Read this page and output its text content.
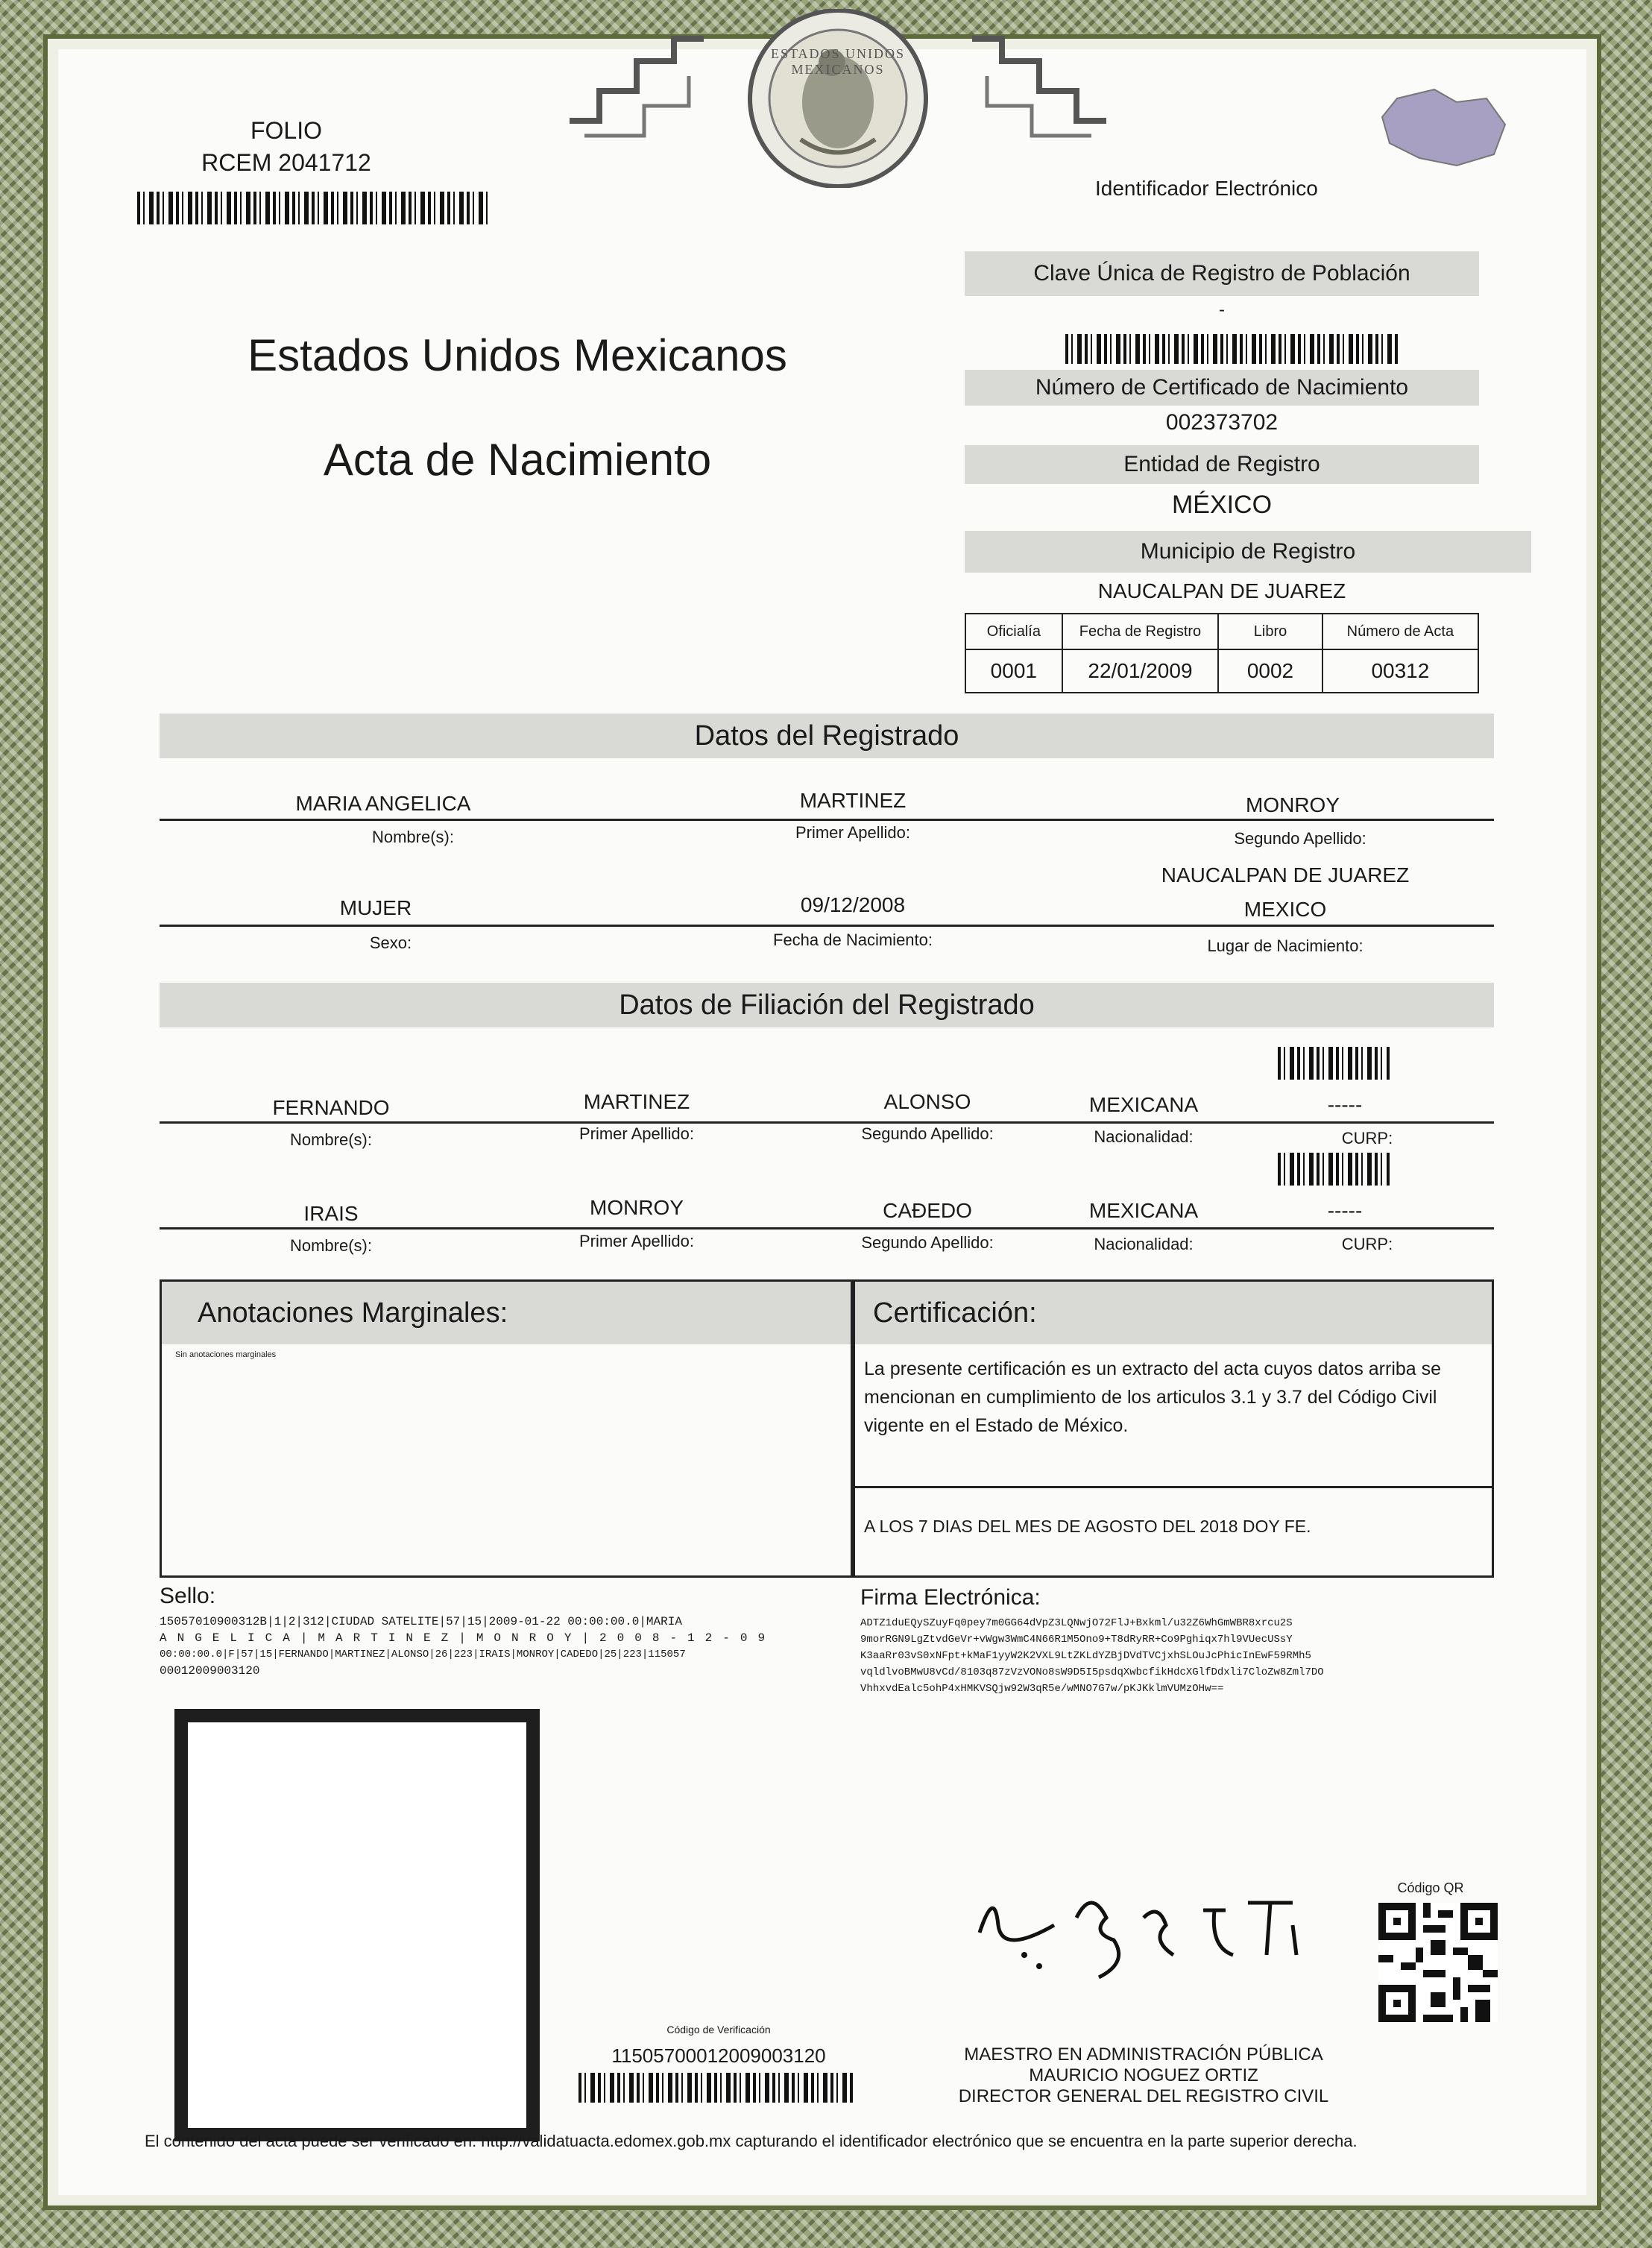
ESTADOS UNIDOS MEXICANOS
FOLIO
RCEM 2041712
Identificador Electrónico
Estados Unidos Mexicanos
Acta de Nacimiento
Clave Única de Registro de Población
-
Número de Certificado de Nacimiento
002373702
Entidad de Registro
MÉXICO
Municipio de Registro
NAUCALPAN DE JUAREZ
Oficialía	Fecha de Registro	Libro	Número de Acta
0001	22/01/2009	0002	00312
Datos del Registrado
MARIA ANGELICA	MARTINEZ	MONROY
Nombre(s):	Primer Apellido:	Segundo Apellido:
NAUCALPAN DE JUAREZ
MUJER	09/12/2008	MEXICO
Sexo:	Fecha de Nacimiento:	Lugar de Nacimiento:
Datos de Filiación del Registrado
FERNANDO	MARTINEZ	ALONSO	MEXICANA	-----
Nombre(s):	Primer Apellido:	Segundo Apellido:	Nacionalidad:	CURP:
IRAIS	MONROY	CAÐEDO	MEXICANA	-----
Nombre(s):	Primer Apellido:	Segundo Apellido:	Nacionalidad:	CURP:
Anotaciones Marginales:
Sin anotaciones marginales
Certificación:
La presente certificación es un extracto del acta cuyos datos arriba se mencionan en cumplimiento de los articulos 3.1 y 3.7 del Código Civil vigente en el Estado de México.
A LOS 7 DIAS DEL MES DE AGOSTO DEL 2018 DOY FE.
Sello:
15057010900312B|1|2|312|CIUDAD SATELITE|57|15|2009-01-22 00:00:00.0|MARIA
ANGELICA|MARTINEZ|MONROY|2008-12-09
00:00:00.0|F|57|15|FERNANDO|MARTINEZ|ALONSO|26|223|IRAIS|MONROY|CADEDO|25|223|115057
00012009003120
Firma Electrónica:
ADTZ1duEQySZuyFq0pey7m0GG64dVpZ3LQNwjO72FlJ+Bxkml/u32Z6WhGmWBR8xrcu2S
9morRGN9LgZtvdGeVr+vWgw3WmC4N66R1M5Ono9+T8dRyRR+Co9Pghiqx7hl9VUecUSsY
K3aaRr03vS0xNFpt+kMaF1yyW2K2VXL9LtZKLdYZBjDVdTVCjxhSLOuJcPhicInEwF59RMh5
vqldlvoBMwU8vCd/8103q87zVzVONo8sW9D5I5psdqXwbcfikHdcXGlfDdxli7CloZw8Zml7DO
VhhxvdEalc5ohP4xHMKVSQjw92W3qR5e/wMNO7G7w/pKJKklmVUMzOHw==
Código de Verificación
115057000120090031​20
Código QR
MAESTRO EN ADMINISTRACIÓN PÚBLICA
MAURICIO NOGUEZ ORTIZ
DIRECTOR GENERAL DEL REGISTRO CIVIL
El contenido del acta puede ser verificado en: http://validatuacta.edomex.gob.mx capturando el identificador electrónico que se encuentra en la parte superior derecha.
